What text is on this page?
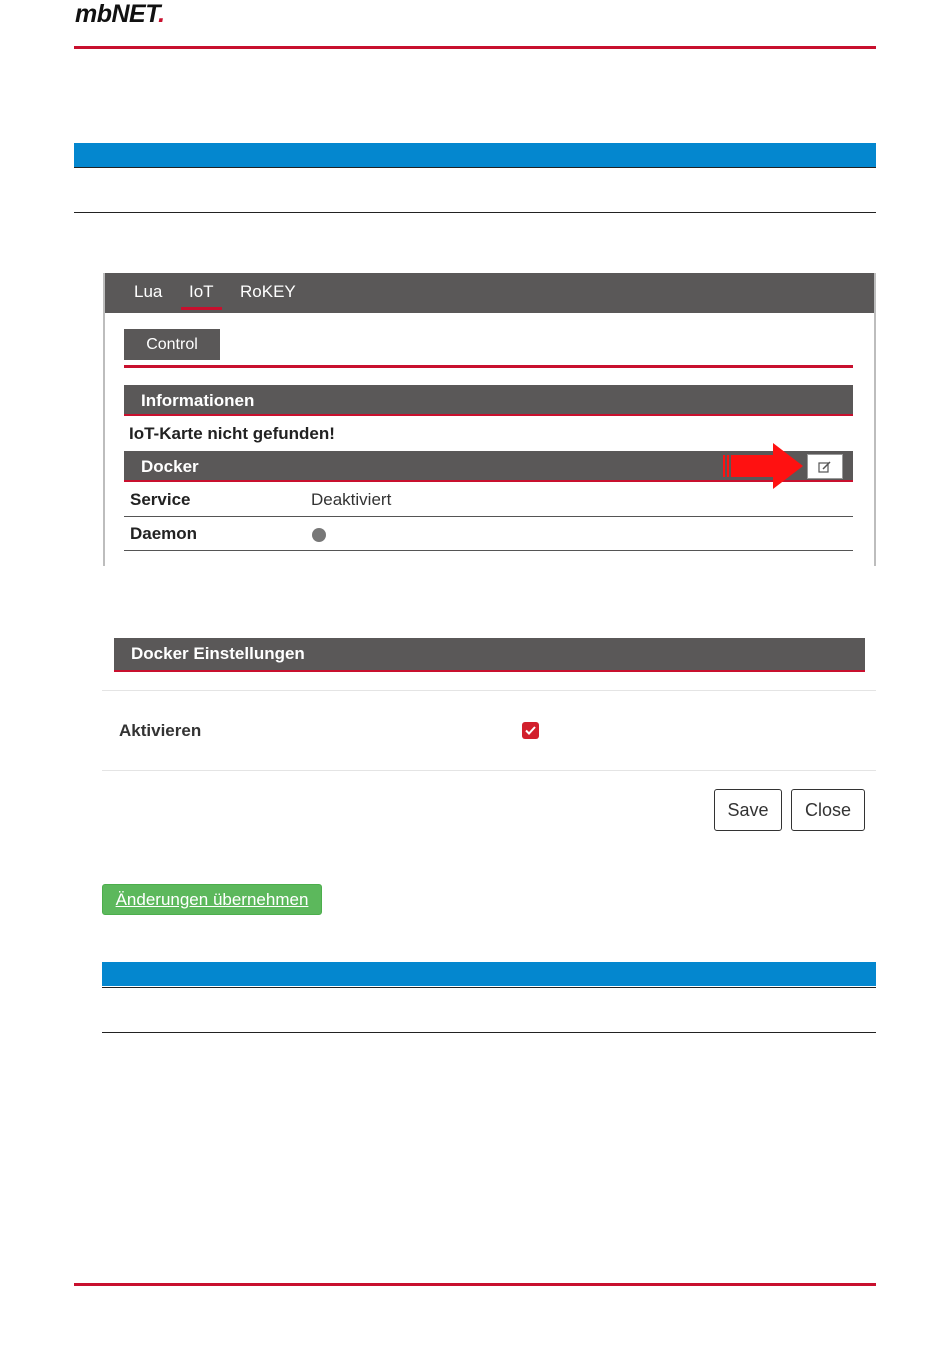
mbNET.
Lua IoT RoKEY
Control
Informationen
IoT-Karte nicht gefunden!
Docker
Service	Deaktiviert
Daemon
Docker Einstellungen
Aktivieren
Save Close
Änderungen übernehmen
